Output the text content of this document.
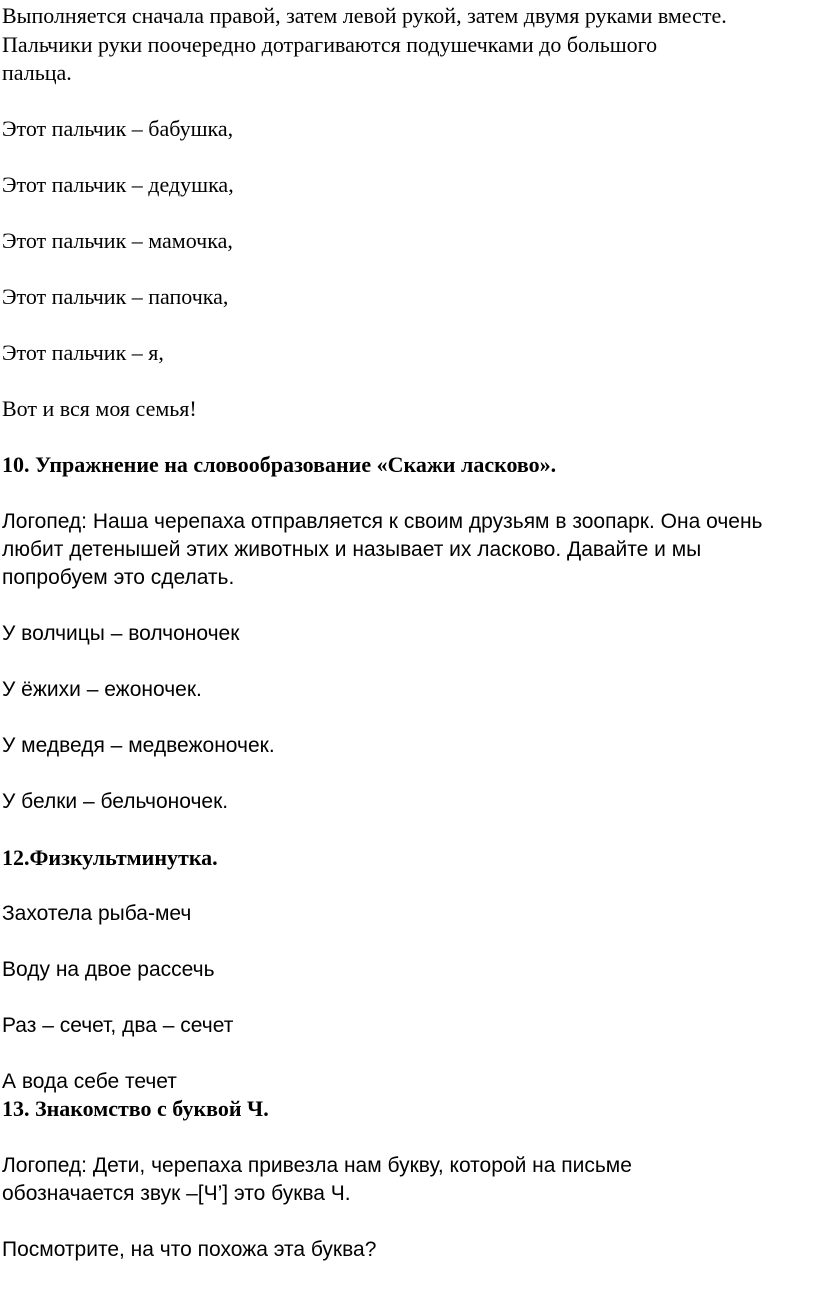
Выполняется сначала правой, затем левой рукой, затем двумя руками вместе.
Пальчики руки поочередно дотрагиваются подушечками до большого
пальца.
Этот пальчик – бабушка,
Этот пальчик – дедушка,
Этот пальчик – мамочка,
Этот пальчик – папочка,
Этот пальчик – я,
Вот и вся моя семья!
10. Упражнение на словообразование «Скажи ласково».
Логопед: Наша черепаха отправляется к своим друзьям в зоопарк. Она очень
любит детенышей этих животных и называет их ласково. Давайте и мы
попробуем это сделать.
У волчицы – волчоночек
У ёжихи – ежоночек.
У медведя – медвежоночек.
У белки – бельчоночек.
12.Физкультминутка.
Захотела рыба-меч
Воду на двое рассечь
Раз – сечет, два – сечет
А вода себе течет
13. Знакомство с буквой Ч.
Логопед: Дети, черепаха привезла нам букву, которой на письме
обозначается звук –[Ч’] это буква Ч.
Посмотрите, на что похожа эта буква?
